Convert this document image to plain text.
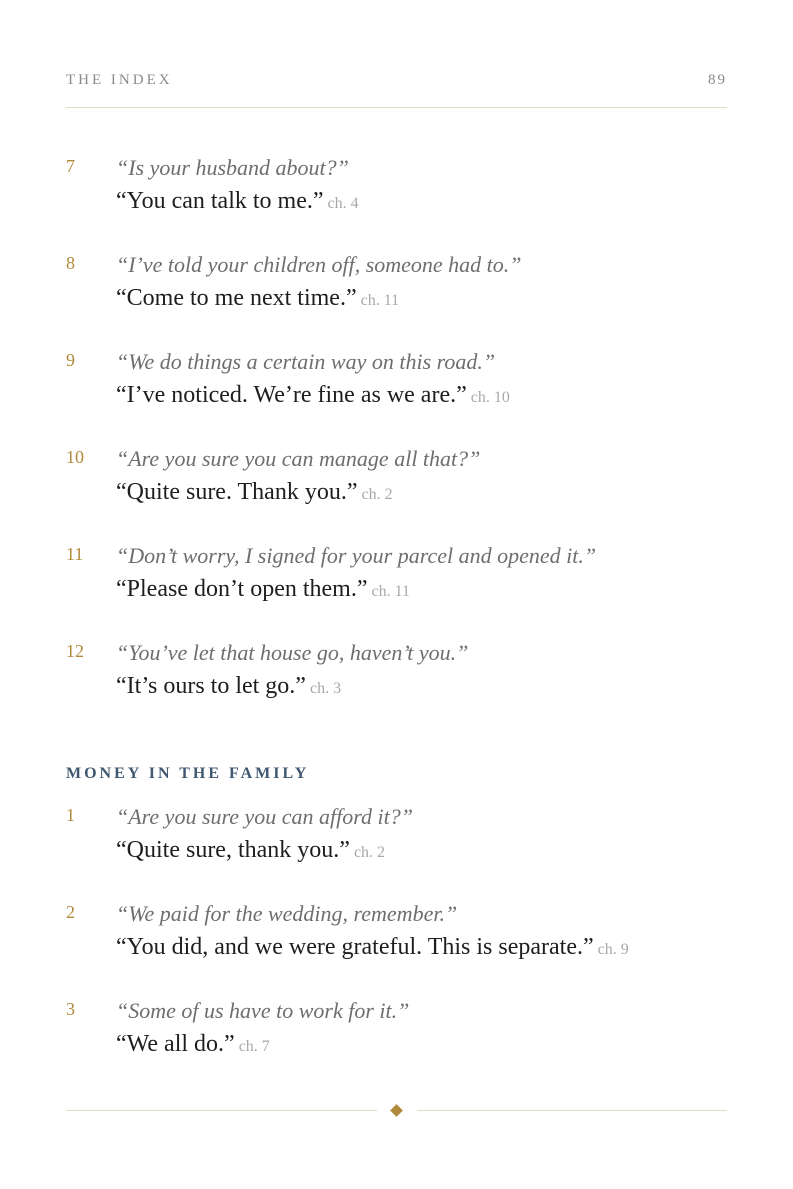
THE INDEX	89
7	“Is your husband about?”
“You can talk to me.” ch. 4
8	“I’ve told your children off, someone had to.”
“Come to me next time.” ch. 11
9	“We do things a certain way on this road.”
“I’ve noticed. We’re fine as we are.” ch. 10
10	“Are you sure you can manage all that?”
“Quite sure. Thank you.” ch. 2
11	“Don’t worry, I signed for your parcel and opened it.”
“Please don’t open them.” ch. 11
12	“You’ve let that house go, haven’t you.”
“It’s ours to let go.” ch. 3
MONEY IN THE FAMILY
1	“Are you sure you can afford it?”
“Quite sure, thank you.” ch. 2
2	“We paid for the wedding, remember.”
“You did, and we were grateful. This is separate.” ch. 9
3	“Some of us have to work for it.”
“We all do.” ch. 7
